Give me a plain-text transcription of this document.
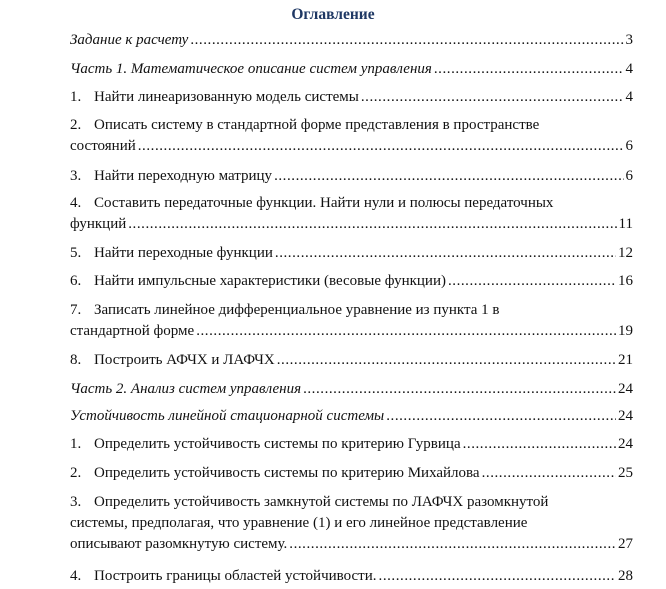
Оглавление
Задание к расчету . . .	3
Часть 1. Математическое описание систем управления . . .	4
1. Найти линеаризованную модель системы . . .	4
2. Описать систему в стандартной форме представления в пространстве
состояний . . .	6
3. Найти переходную матрицу . . .	6
4. Составить передаточные функции. Найти нули и полюсы передаточных
функций . . .	11
5. Найти переходные функции . . .	12
6. Найти импульсные характеристики (весовые функции) . . .	16
7. Записать линейное дифференциальное уравнение из пункта 1 в
стандартной форме . . .	19
8. Построить АФЧХ и ЛАФЧХ . . .	21
Часть 2. Анализ систем управления . . .	24
Устойчивость линейной стационарной системы . . .	24
1. Определить устойчивость системы по критерию Гурвица . . .	24
2. Определить устойчивость системы по критерию Михайлова . . .	25
3. Определить устойчивость замкнутой системы по ЛАФЧХ разомкнутой
системы, предполагая, что уравнение (1) и его линейное представление
описывают разомкнутую систему. . . .	27
4. Построить границы областей устойчивости. . . .	28
